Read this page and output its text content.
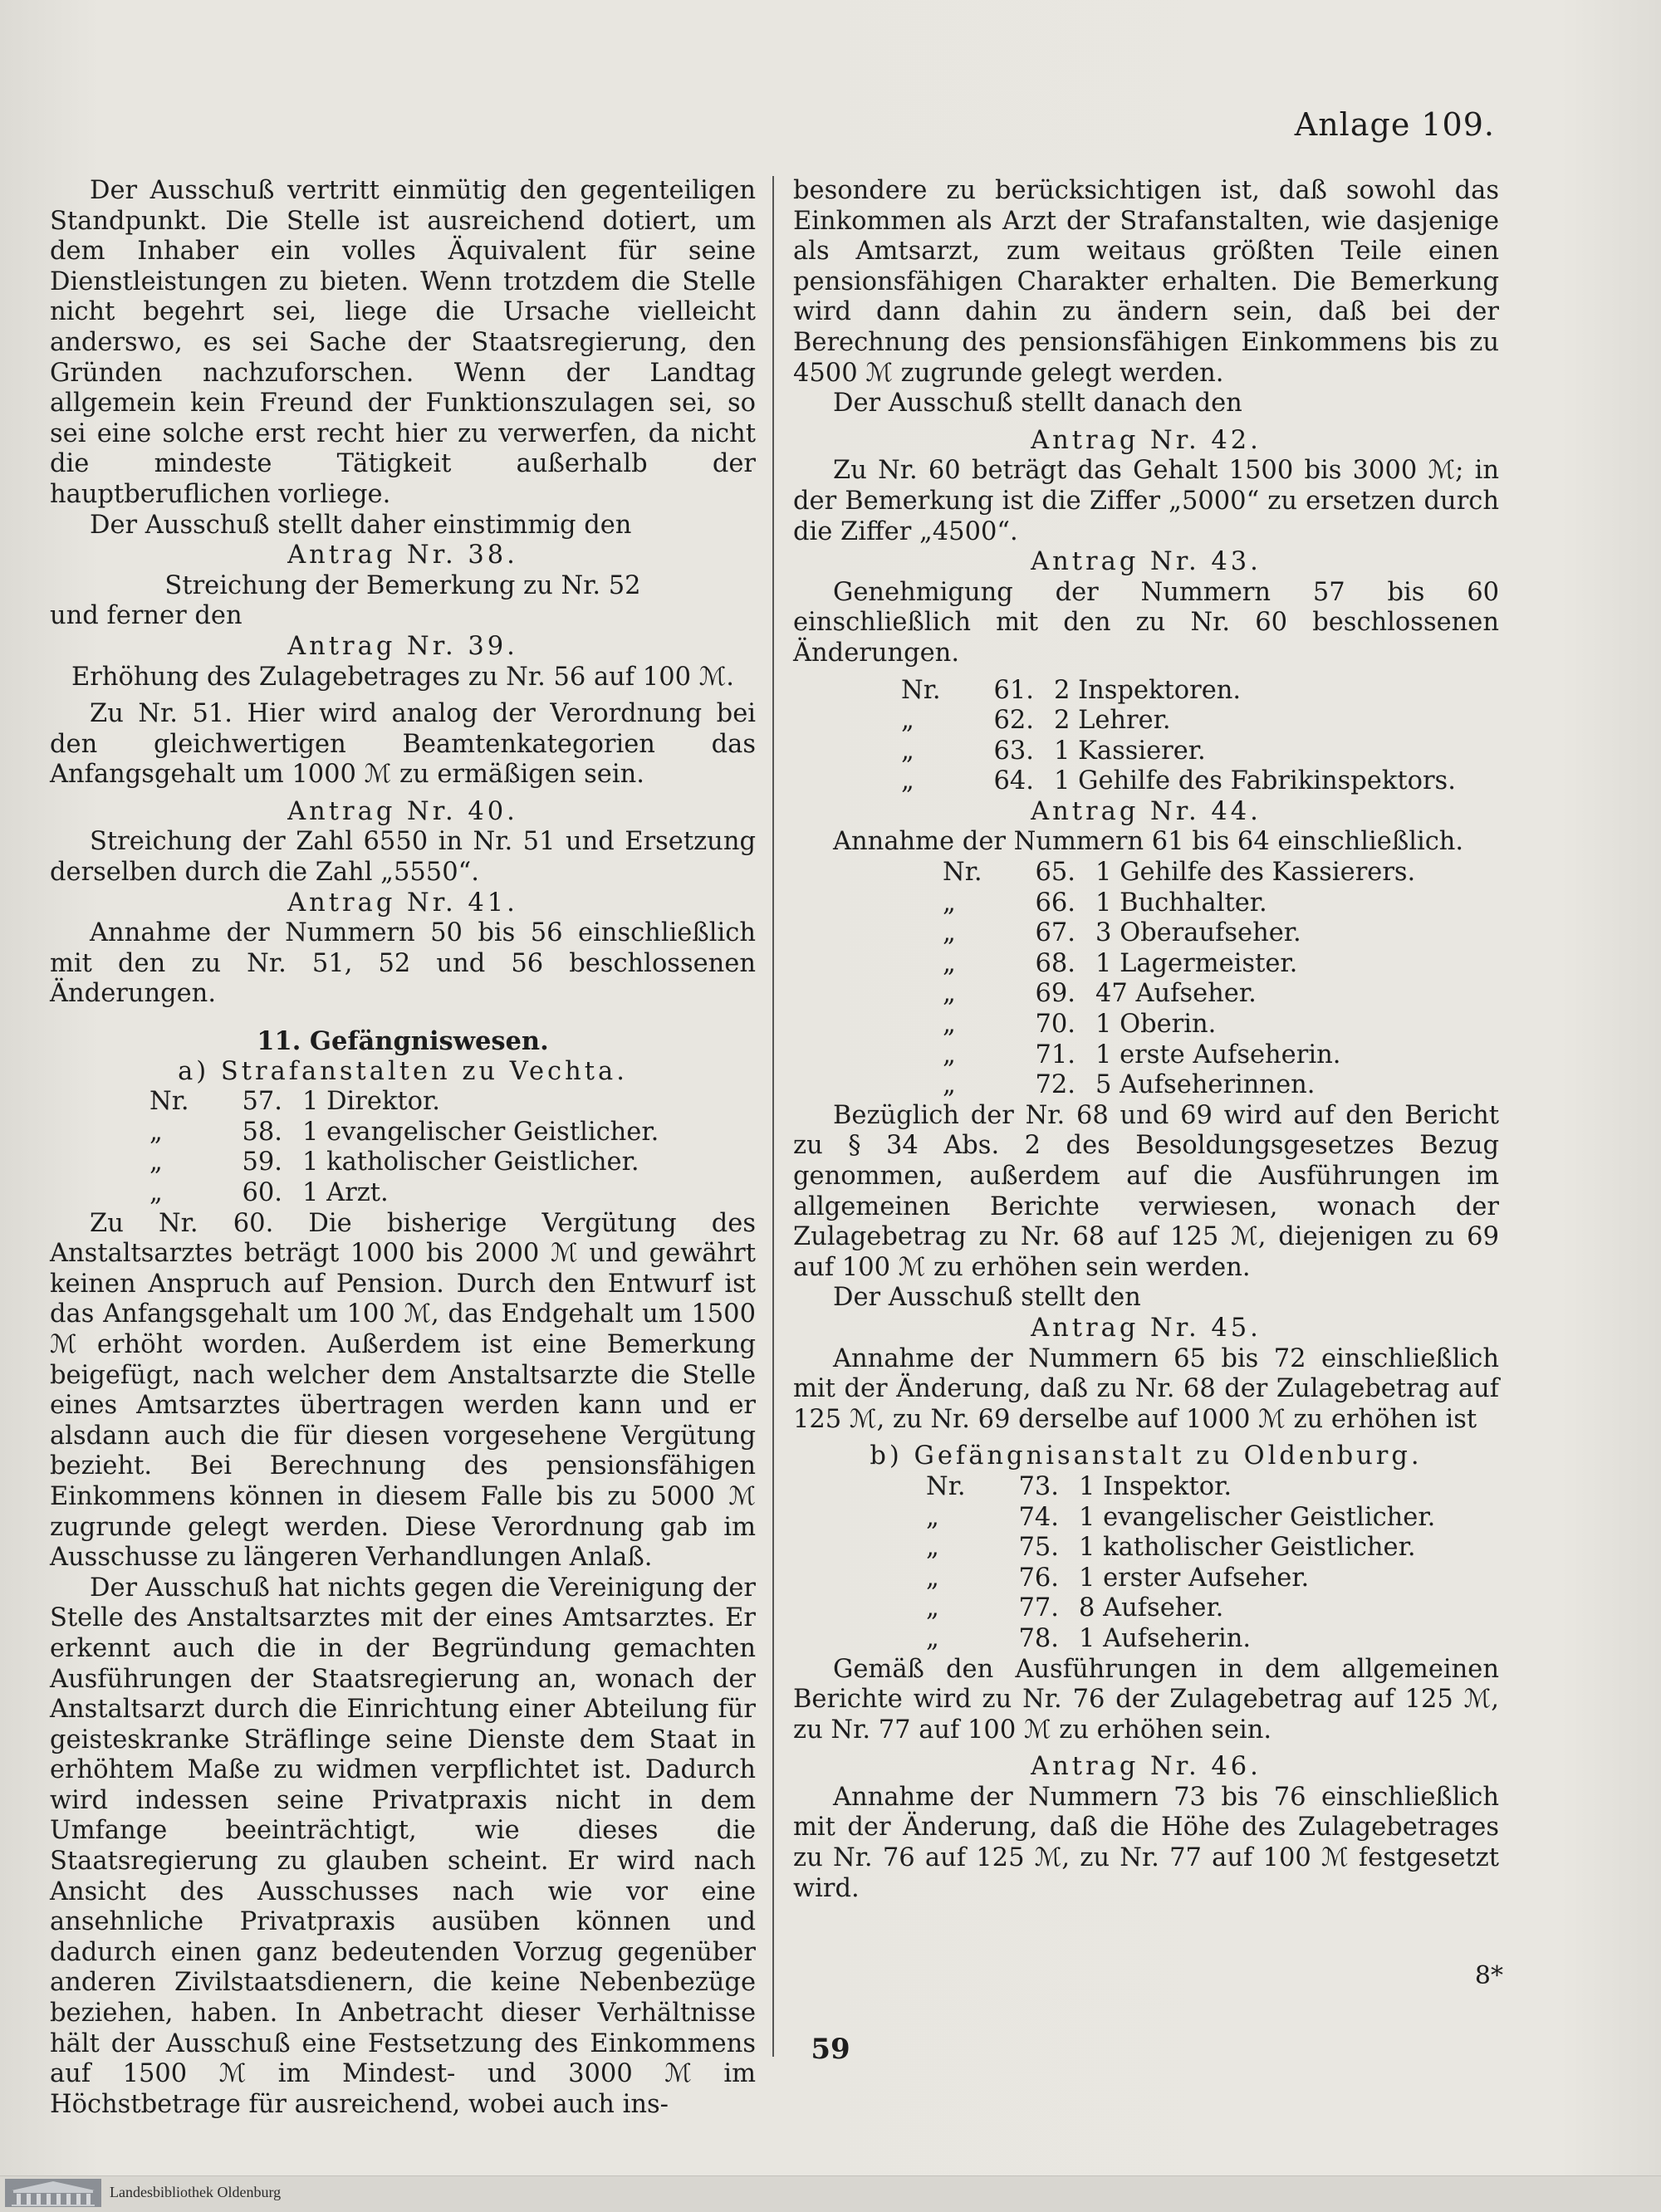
Anlage 109.

Der Ausschuß vertritt einmütig den gegenteiligen Standpunkt. Die Stelle ist ausreichend dotiert, um dem Inhaber ein volles Äquivalent für seine Dienstleistungen zu bieten. Wenn trotzdem die Stelle nicht begehrt sei, liege die Ursache vielleicht anderswo, es sei Sache der Staatsregierung, den Gründen nachzuforschen. Wenn der Landtag allgemein kein Freund der Funktionszulagen sei, so sei eine solche erst recht hier zu verwerfen, da nicht die mindeste Tätigkeit außerhalb der hauptberuflichen vorliege.

Der Ausschuß stellt daher einstimmig den

Antrag Nr. 38.

Streichung der Bemerkung zu Nr. 52

und ferner den

Antrag Nr. 39.

Erhöhung des Zulagebetrages zu Nr. 56 auf 100 ℳ.

Zu Nr. 51. Hier wird analog der Verordnung bei den gleichwertigen Beamtenkategorien das Anfangsgehalt um 1000 ℳ zu ermäßigen sein.

Antrag Nr. 40.

Streichung der Zahl 6550 in Nr. 51 und Ersetzung derselben durch die Zahl „5550“.

Antrag Nr. 41.

Annahme der Nummern 50 bis 56 einschließlich mit den zu Nr. 51, 52 und 56 beschlossenen Änderungen.

11. Gefängniswesen.

a) Strafanstalten zu Vechta.

Nr.	57. 1 Direktor.
„	58. 1 evangelischer Geistlicher.
„	59. 1 katholischer Geistlicher.
„	60. 1 Arzt.

Zu Nr. 60. Die bisherige Vergütung des Anstaltsarztes beträgt 1000 bis 2000 ℳ und gewährt keinen Anspruch auf Pension. Durch den Entwurf ist das Anfangsgehalt um 100 ℳ, das Endgehalt um 1500 ℳ erhöht worden. Außerdem ist eine Bemerkung beigefügt, nach welcher dem Anstaltsarzte die Stelle eines Amtsarztes übertragen werden kann und er alsdann auch die für diesen vorgesehene Vergütung bezieht. Bei Berechnung des pensionsfähigen Einkommens können in diesem Falle bis zu 5000 ℳ zugrunde gelegt werden. Diese Verordnung gab im Ausschusse zu längeren Verhandlungen Anlaß.

Der Ausschuß hat nichts gegen die Vereinigung der Stelle des Anstaltsarztes mit der eines Amtsarztes. Er erkennt auch die in der Begründung gemachten Ausführungen der Staatsregierung an, wonach der Anstaltsarzt durch die Einrichtung einer Abteilung für geisteskranke Sträflinge seine Dienste dem Staat in erhöhtem Maße zu widmen verpflichtet ist. Dadurch wird indessen seine Privatpraxis nicht in dem Umfange beeinträchtigt, wie dieses die Staatsregierung zu glauben scheint. Er wird nach Ansicht des Ausschusses nach wie vor eine ansehnliche Privatpraxis ausüben können und dadurch einen ganz bedeutenden Vorzug gegenüber anderen Zivilstaatsdienern, die keine Nebenbezüge beziehen, haben. In Anbetracht dieser Verhältnisse hält der Ausschuß eine Festsetzung des Einkommens auf 1500 ℳ im Mindest- und 3000 ℳ im Höchstbetrage für ausreichend, wobei auch ins-

besondere zu berücksichtigen ist, daß sowohl das Einkommen als Arzt der Strafanstalten, wie dasjenige als Amtsarzt, zum weitaus größten Teile einen pensionsfähigen Charakter erhalten. Die Bemerkung wird dann dahin zu ändern sein, daß bei der Berechnung des pensionsfähigen Einkommens bis zu 4500 ℳ zugrunde gelegt werden.

Der Ausschuß stellt danach den

Antrag Nr. 42.

Zu Nr. 60 beträgt das Gehalt 1500 bis 3000 ℳ; in der Bemerkung ist die Ziffer „5000“ zu ersetzen durch die Ziffer „4500“.

Antrag Nr. 43.

Genehmigung der Nummern 57 bis 60 einschließlich mit den zu Nr. 60 beschlossenen Änderungen.

Nr.	61. 2 Inspektoren.
„	62. 2 Lehrer.
„	63. 1 Kassierer.
„	64. 1 Gehilfe des Fabrikinspektors.

Antrag Nr. 44.

Annahme der Nummern 61 bis 64 einschließlich.

Nr.	65. 1 Gehilfe des Kassierers.
„	66. 1 Buchhalter.
„	67. 3 Oberaufseher.
„	68. 1 Lagermeister.
„	69. 47 Aufseher.
„	70. 1 Oberin.
„	71. 1 erste Aufseherin.
„	72. 5 Aufseherinnen.

Bezüglich der Nr. 68 und 69 wird auf den Bericht zu § 34 Abs. 2 des Besoldungsgesetzes Bezug genommen, außerdem auf die Ausführungen im allgemeinen Berichte verwiesen, wonach der Zulagebetrag zu Nr. 68 auf 125 ℳ, diejenigen zu 69 auf 100 ℳ zu erhöhen sein werden.

Der Ausschuß stellt den

Antrag Nr. 45.

Annahme der Nummern 65 bis 72 einschließlich mit der Änderung, daß zu Nr. 68 der Zulagebetrag auf 125 ℳ, zu Nr. 69 derselbe auf 1000 ℳ zu erhöhen ist

b) Gefängnisanstalt zu Oldenburg.

Nr.	73. 1 Inspektor.
„	74. 1 evangelischer Geistlicher.
„	75. 1 katholischer Geistlicher.
„	76. 1 erster Aufseher.
„	77. 8 Aufseher.
„	78. 1 Aufseherin.

Gemäß den Ausführungen in dem allgemeinen Berichte wird zu Nr. 76 der Zulagebetrag auf 125 ℳ, zu Nr. 77 auf 100 ℳ zu erhöhen sein.

Antrag Nr. 46.

Annahme der Nummern 73 bis 76 einschließlich mit der Änderung, daß die Höhe des Zulagebetrages zu Nr. 76 auf 125 ℳ, zu Nr. 77 auf 100 ℳ festgesetzt wird.

8*
59
Landesbibliothek Oldenburg
